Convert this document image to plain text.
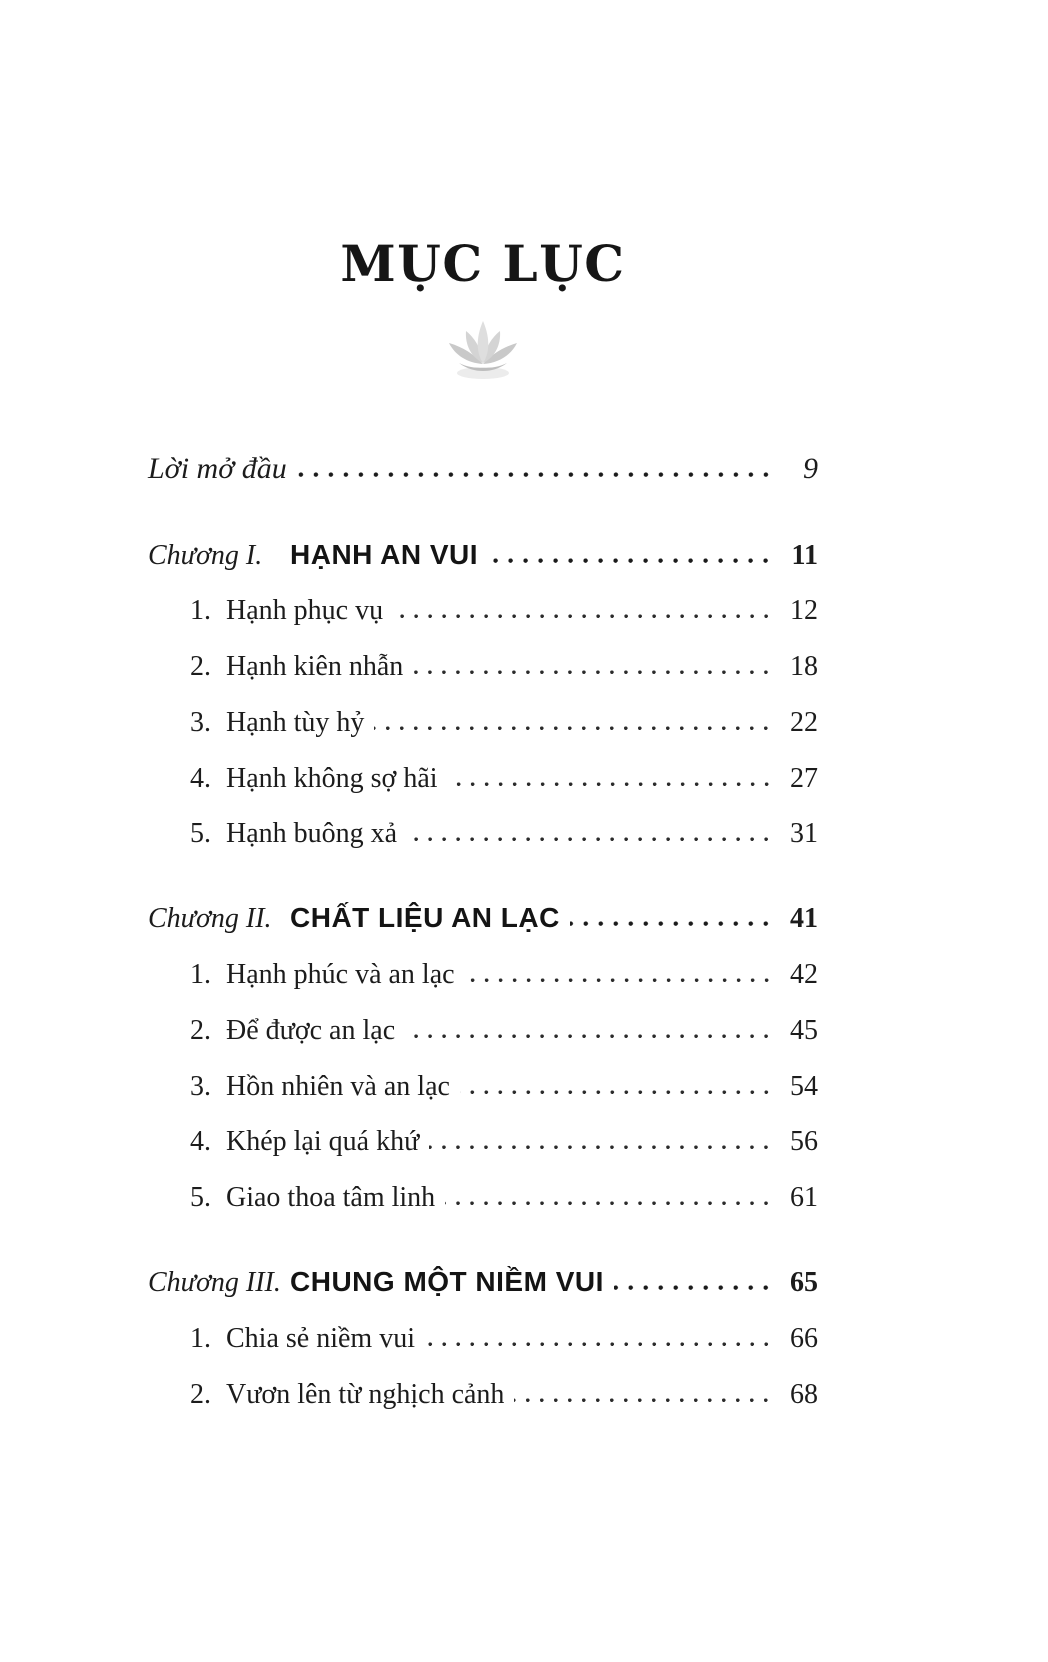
MỤC LỤC
Lời mở đầu	9
Chương I. HẠNH AN VUI	11
1. Hạnh phục vụ	12
2. Hạnh kiên nhẫn	18
3. Hạnh tùy hỷ	22
4. Hạnh không sợ hãi	27
5. Hạnh buông xả	31
Chương II. CHẤT LIỆU AN LẠC	41
1. Hạnh phúc và an lạc	42
2. Để được an lạc	45
3. Hồn nhiên và an lạc	54
4. Khép lại quá khứ	56
5. Giao thoa tâm linh	61
Chương III. CHUNG MỘT NIỀM VUI	65
1. Chia sẻ niềm vui	66
2. Vươn lên từ nghịch cảnh	68
